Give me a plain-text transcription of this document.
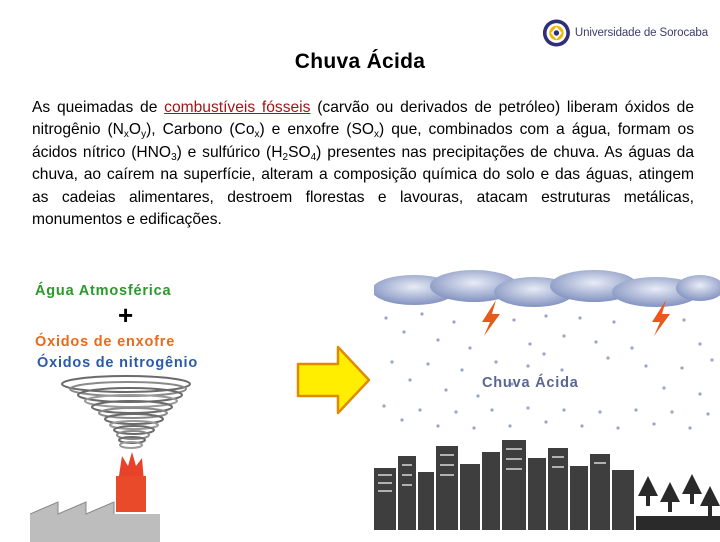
Universidade de Sorocaba
Chuva Ácida
As queimadas de combustíveis fósseis (carvão ou derivados de petróleo) liberam óxidos de nitrogênio $(N_xO_y)$, Carbono $(Co_x)$ e enxofre $(SO_x)$ que, combinados com a água, formam os ácidos nítrico $(HNO_3)$ e sulfúrico $(H_2SO_4)$ presentes nas precipitações de chuva. As águas da chuva, ao caírem na superfície, alteram a composição química do solo e das águas, atingem as cadeias alimentares, destroem florestas e lavouras, atacam estruturas metálicas, monumentos e edificações.
Água Atmosférica
+
Óxidos de enxofre
Óxidos de nitrogênio
Chuva Ácida
